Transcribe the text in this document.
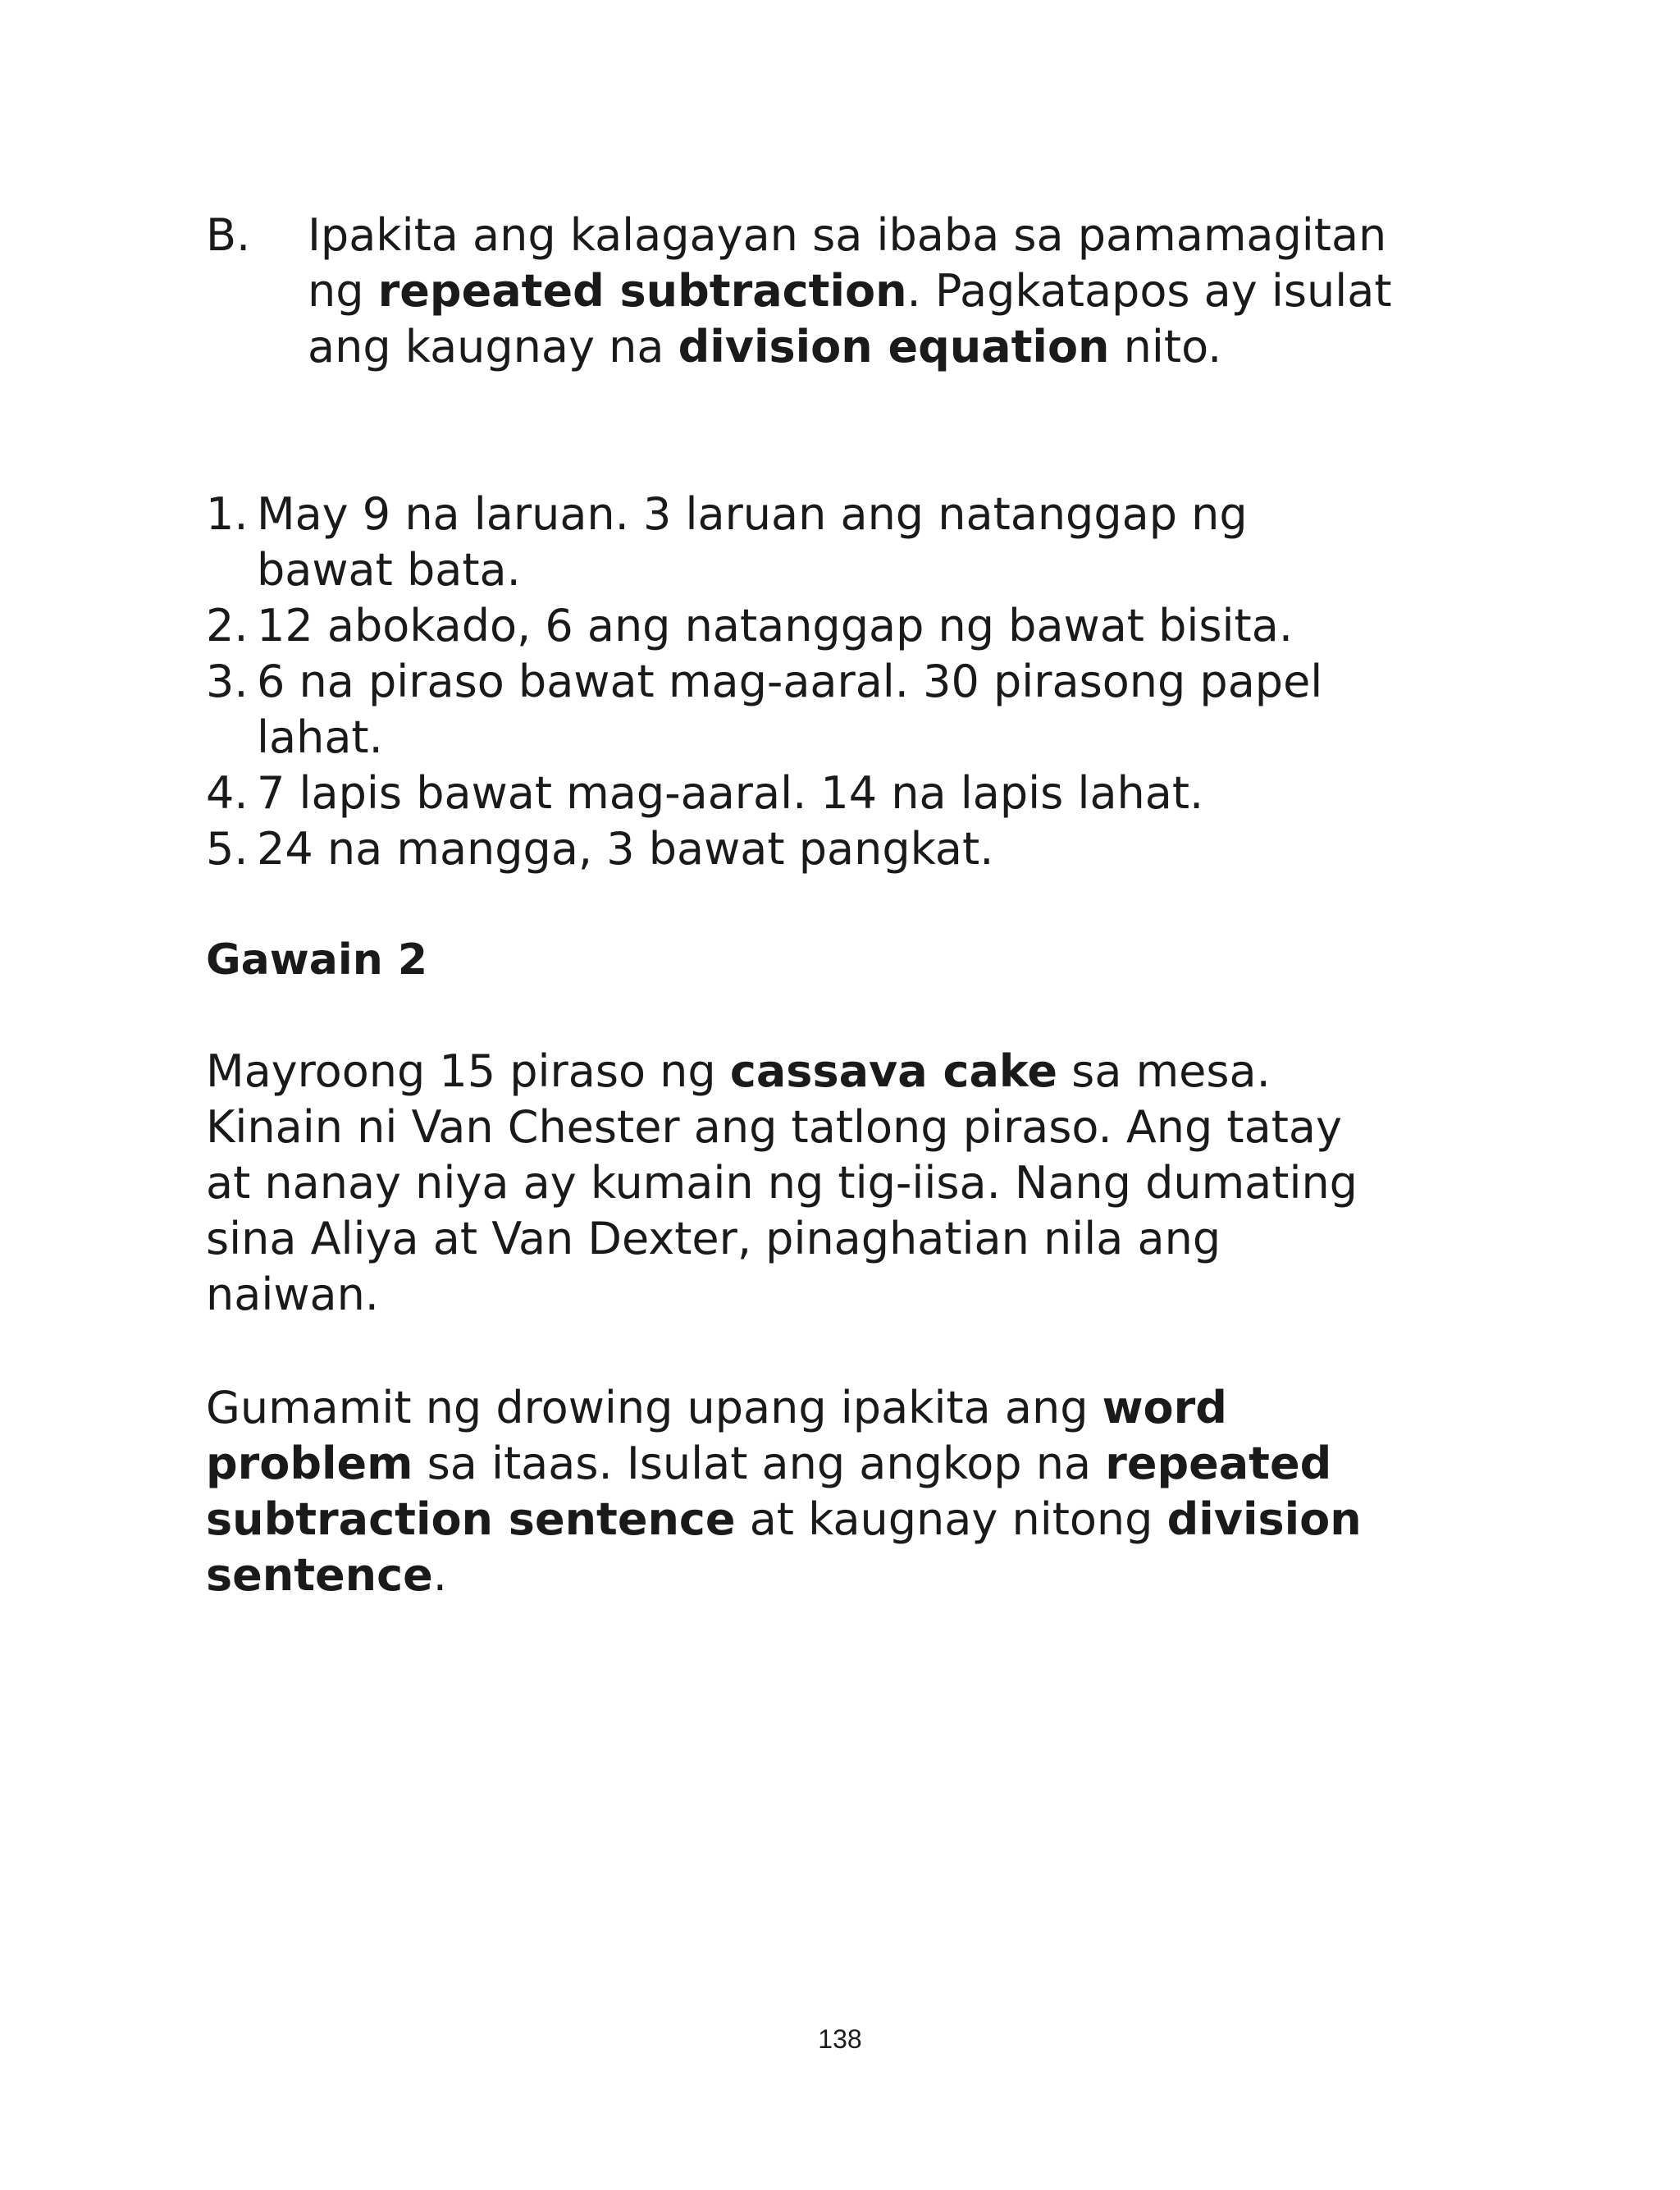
B. Ipakita ang kalagayan sa ibaba sa pamamagitan ng repeated subtraction. Pagkatapos ay isulat ang kaugnay na division equation nito.
1. May 9 na laruan. 3 laruan ang natanggap ng bawat bata.
2. 12 abokado, 6 ang natanggap ng bawat bisita.
3. 6 na piraso bawat mag-aaral. 30 pirasong papel lahat.
4. 7 lapis bawat mag-aaral. 14 na lapis lahat.
5. 24 na mangga, 3 bawat pangkat.
Gawain 2

Mayroong 15 piraso ng cassava cake sa mesa. Kinain ni Van Chester ang tatlong piraso. Ang tatay at nanay niya ay kumain ng tig-iisa. Nang dumating sina Aliya at Van Dexter, pinaghatian nila ang naiwan.

Gumamit ng drowing upang ipakita ang word problem sa itaas. Isulat ang angkop na repeated subtraction sentence at kaugnay nitong division sentence.

138
